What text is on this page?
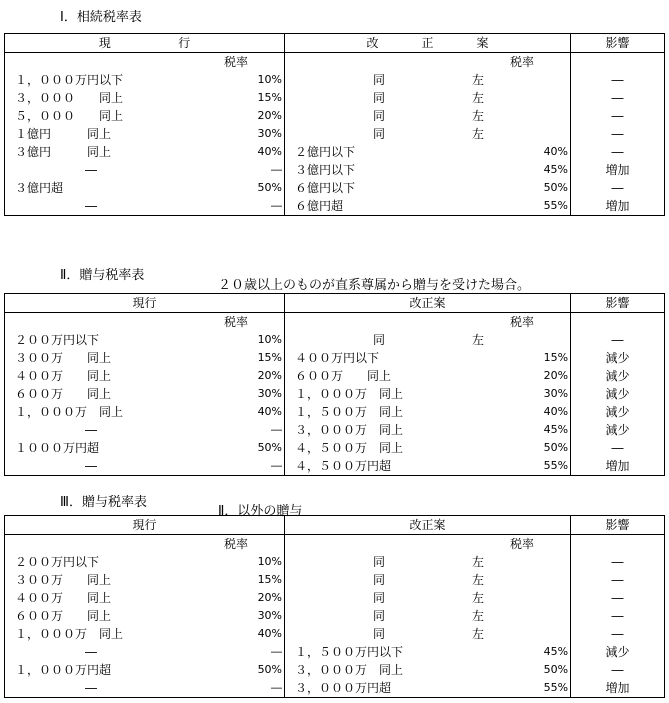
Ⅰ．相続税率表
現 行		改 正 案		影響
	税率		税率	
１，０００万円以下	10%	同 左		―
３，０００　　同上	15%	同 左		―
５，０００　　同上	20%	同 左		―
１億円　　　同上	30%	同 左		―
３億円　　　同上	40%	２億円以下	40%	―
―	―	３億円以下	45%	増加
３億円超	50%	６億円以下	50%	―
―	―	６億円超	55%	増加
Ⅱ．贈与税率表
２０歳以上のものが直系尊属から贈与を受けた場合。
現行		改正案		影響
	税率		税率	
２００万円以下	10%	同 左		―
３００万　　同上	15%	４００万円以下	15%	減少
４００万　　同上	20%	６００万　　同上	20%	減少
６００万　　同上	30%	１，０００万　同上	30%	減少
１，０００万　同上	40%	１，５００万　同上	40%	減少
―	―	３，０００万　同上	45%	減少
１０００万円超	50%	４，５００万　同上	50%	―
―	―	４，５００万円超	55%	増加
Ⅲ．贈与税率表
Ⅱ．以外の贈与
現行		改正案		影響
	税率		税率	
２００万円以下	10%	同 左		―
３００万　　同上	15%	同 左		―
４００万　　同上	20%	同 左		―
６００万　　同上	30%	同 左		―
１，０００万　同上	40%	同 左		―
―	―	１，５００万円以下	45%	減少
１，０００万円超	50%	３，０００万　同上	50%	―
―	―	３，０００万円超	55%	増加
